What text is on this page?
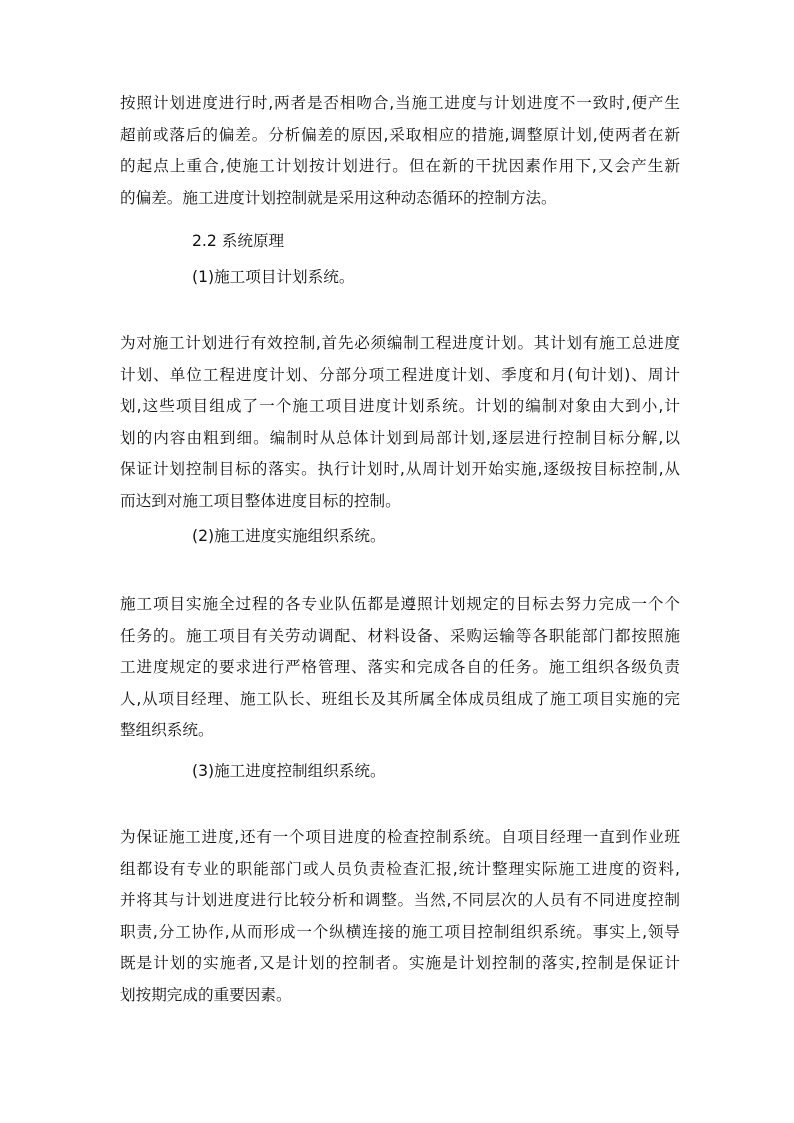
按照计划进度进行时,两者是否相吻合,当施工进度与计划进度不一致时,便产生
超前或落后的偏差。分析偏差的原因,采取相应的措施,调整原计划,使两者在新
的起点上重合,使施工计划按计划进行。但在新的干扰因素作用下,又会产生新
的偏差。施工进度计划控制就是采用这种动态循环的控制方法。
2.2 系统原理
(1)施工项目计划系统。
为对施工计划进行有效控制,首先必须编制工程进度计划。其计划有施工总进度
计划、单位工程进度计划、分部分项工程进度计划、季度和月(旬计划)、周计
划,这些项目组成了一个施工项目进度计划系统。计划的编制对象由大到小,计
划的内容由粗到细。编制时从总体计划到局部计划,逐层进行控制目标分解,以
保证计划控制目标的落实。执行计划时,从周计划开始实施,逐级按目标控制,从
而达到对施工项目整体进度目标的控制。
(2)施工进度实施组织系统。
施工项目实施全过程的各专业队伍都是遵照计划规定的目标去努力完成一个个
任务的。施工项目有关劳动调配、材料设备、采购运输等各职能部门都按照施
工进度规定的要求进行严格管理、落实和完成各自的任务。施工组织各级负责
人,从项目经理、施工队长、班组长及其所属全体成员组成了施工项目实施的完
整组织系统。
(3)施工进度控制组织系统。
为保证施工进度,还有一个项目进度的检查控制系统。自项目经理一直到作业班
组都设有专业的职能部门或人员负责检查汇报,统计整理实际施工进度的资料,
并将其与计划进度进行比较分析和调整。当然,不同层次的人员有不同进度控制
职责,分工协作,从而形成一个纵横连接的施工项目控制组织系统。事实上,领导
既是计划的实施者,又是计划的控制者。实施是计划控制的落实,控制是保证计
划按期完成的重要因素。
